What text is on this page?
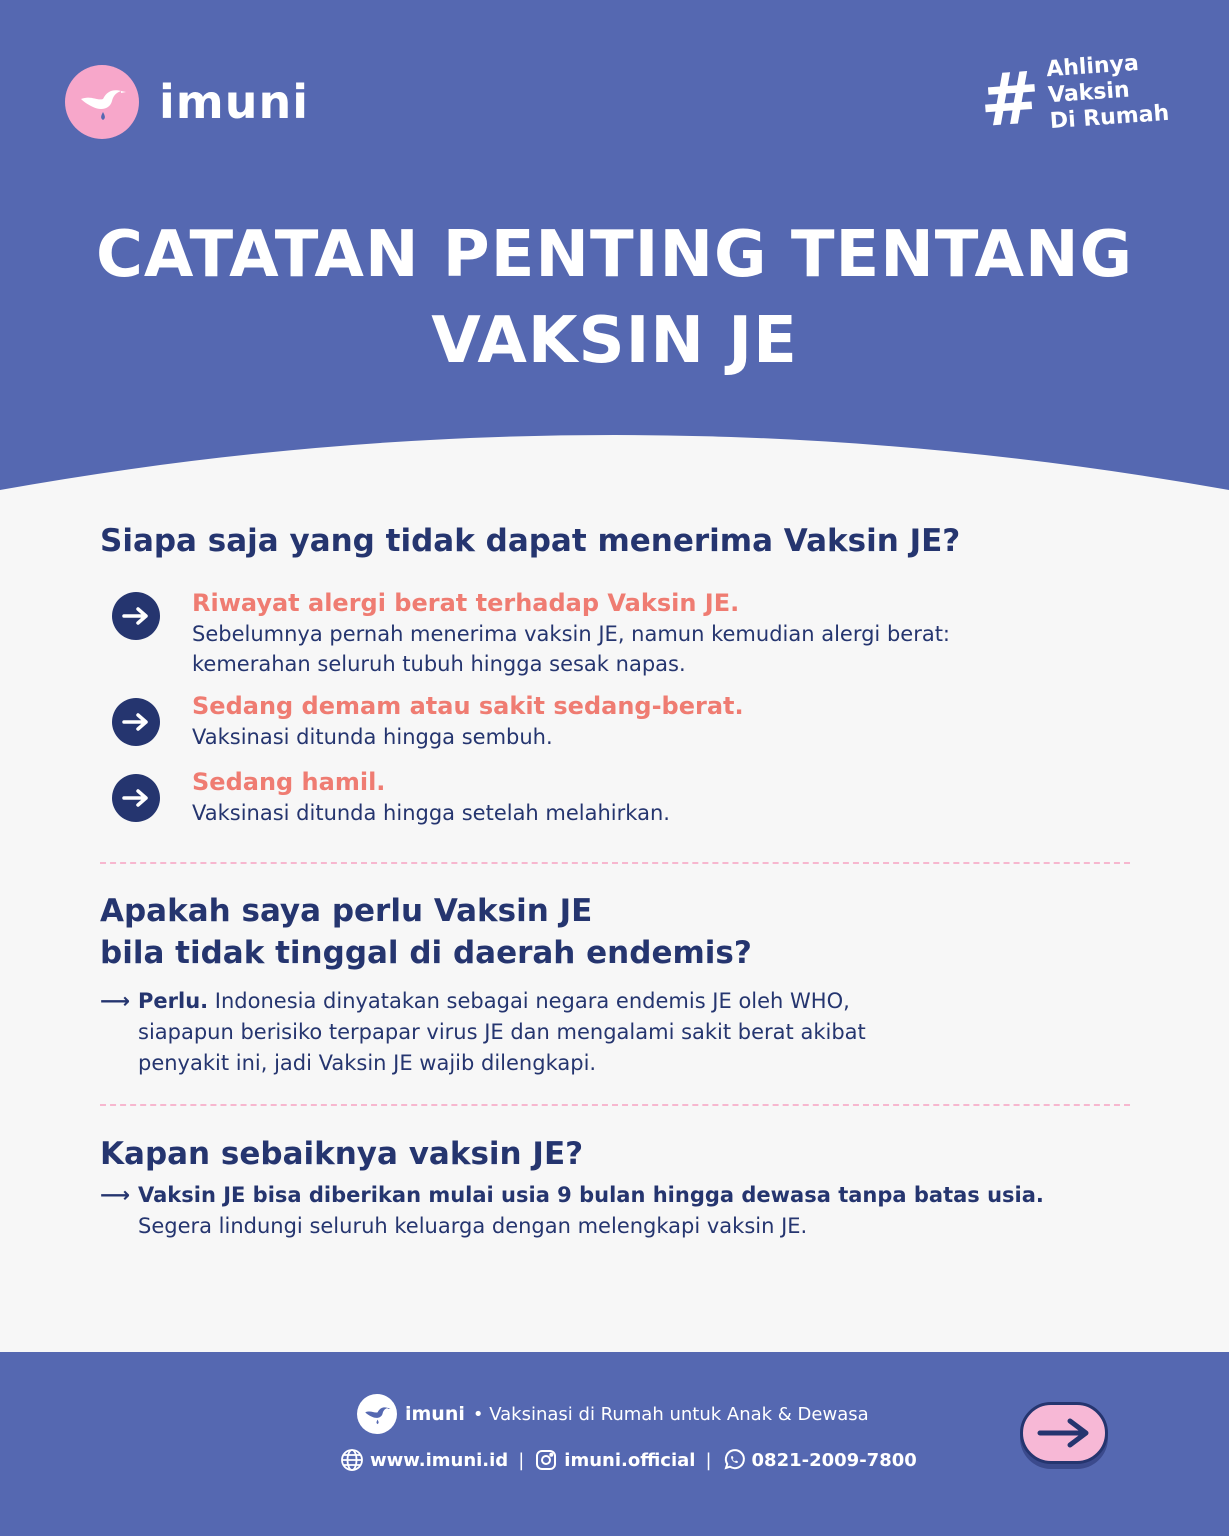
imuni	# Ahlinya
Vaksin
Di Rumah
CATATAN PENTING TENTANG
VAKSIN JE
Siapa saja yang tidak dapat menerima Vaksin JE?
Riwayat alergi berat terhadap Vaksin JE.
Sebelumnya pernah menerima vaksin JE, namun kemudian alergi berat:
kemerahan seluruh tubuh hingga sesak napas.
Sedang demam atau sakit sedang-berat.
Vaksinasi ditunda hingga sembuh.
Sedang hamil.
Vaksinasi ditunda hingga setelah melahirkan.
Apakah saya perlu Vaksin JE
bila tidak tinggal di daerah endemis?
⟶ Perlu. Indonesia dinyatakan sebagai negara endemis JE oleh WHO,
siapapun berisiko terpapar virus JE dan mengalami sakit berat akibat
penyakit ini, jadi Vaksin JE wajib dilengkapi.
Kapan sebaiknya vaksin JE?
⟶ Vaksin JE bisa diberikan mulai usia 9 bulan hingga dewasa tanpa batas usia.
Segera lindungi seluruh keluarga dengan melengkapi vaksin JE.
imuni • Vaksinasi di Rumah untuk Anak & Dewasa
www.imuni.id | imuni.official | 0821-2009-7800
